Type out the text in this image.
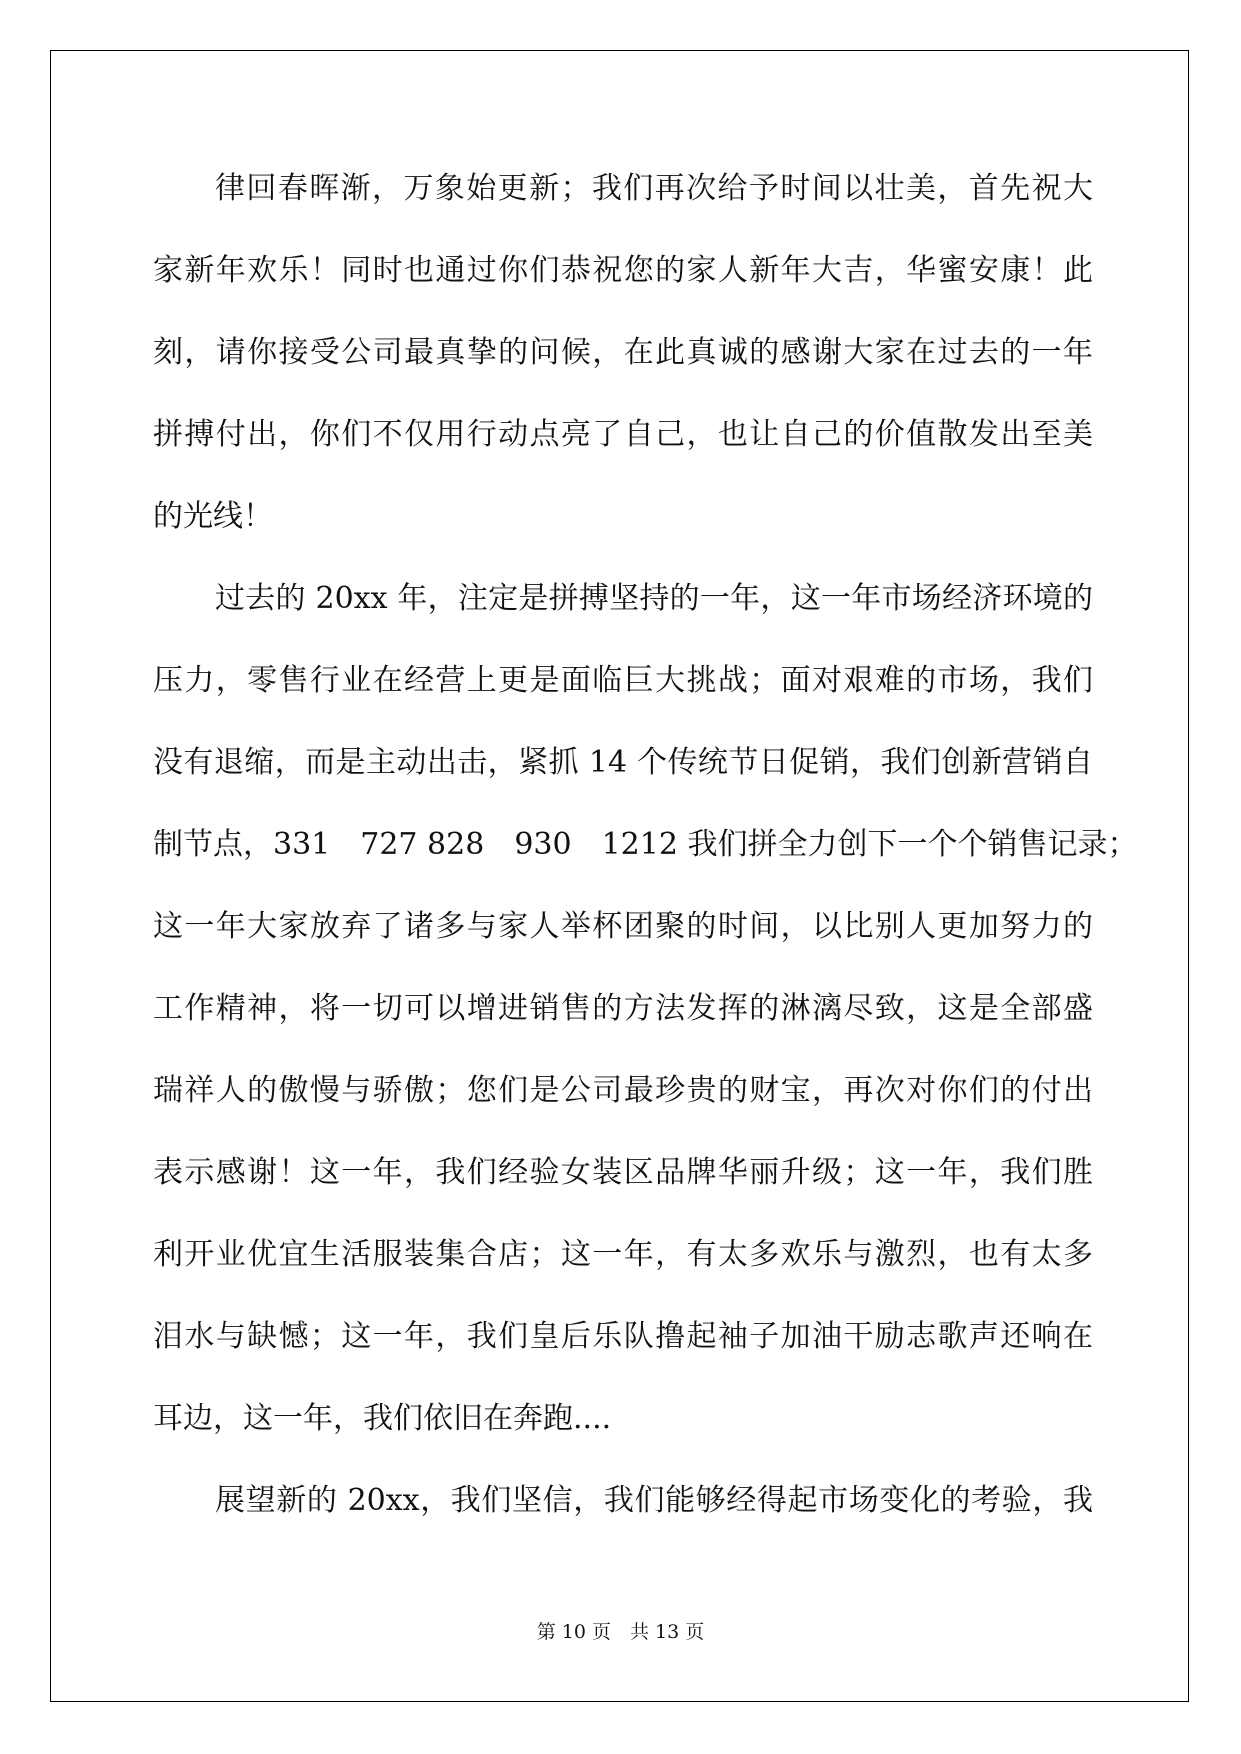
律回春晖渐，万象始更新；我们再次给予时间以壮美，首先祝大
家新年欢乐！同时也通过你们恭祝您的家人新年大吉，华蜜安康！此
刻，请你接受公司最真挚的问候，在此真诚的感谢大家在过去的一年
拼搏付出，你们不仅用行动点亮了自己，也让自己的价值散发出至美
的光线！
过去的 20xx 年，注定是拼搏坚持的一年，这一年市场经济环境的
压力，零售行业在经营上更是面临巨大挑战；面对艰难的市场，我们
没有退缩，而是主动出击，紧抓 14 个传统节日促销，我们创新营销自
制节点，331　727 828　930　1212 我们拼全力创下一个个销售记录；
这一年大家放弃了诸多与家人举杯团聚的时间，以比别人更加努力的
工作精神，将一切可以增进销售的方法发挥的淋漓尽致，这是全部盛
瑞祥人的傲慢与骄傲；您们是公司最珍贵的财宝，再次对你们的付出
表示感谢！这一年，我们经验女装区品牌华丽升级；这一年，我们胜
利开业优宜生活服装集合店；这一年，有太多欢乐与激烈，也有太多
泪水与缺憾；这一年，我们皇后乐队撸起袖子加油干励志歌声还响在
耳边，这一年，我们依旧在奔跑....
展望新的 20xx，我们坚信，我们能够经得起市场变化的考验，我
第 10 页　共 13 页
